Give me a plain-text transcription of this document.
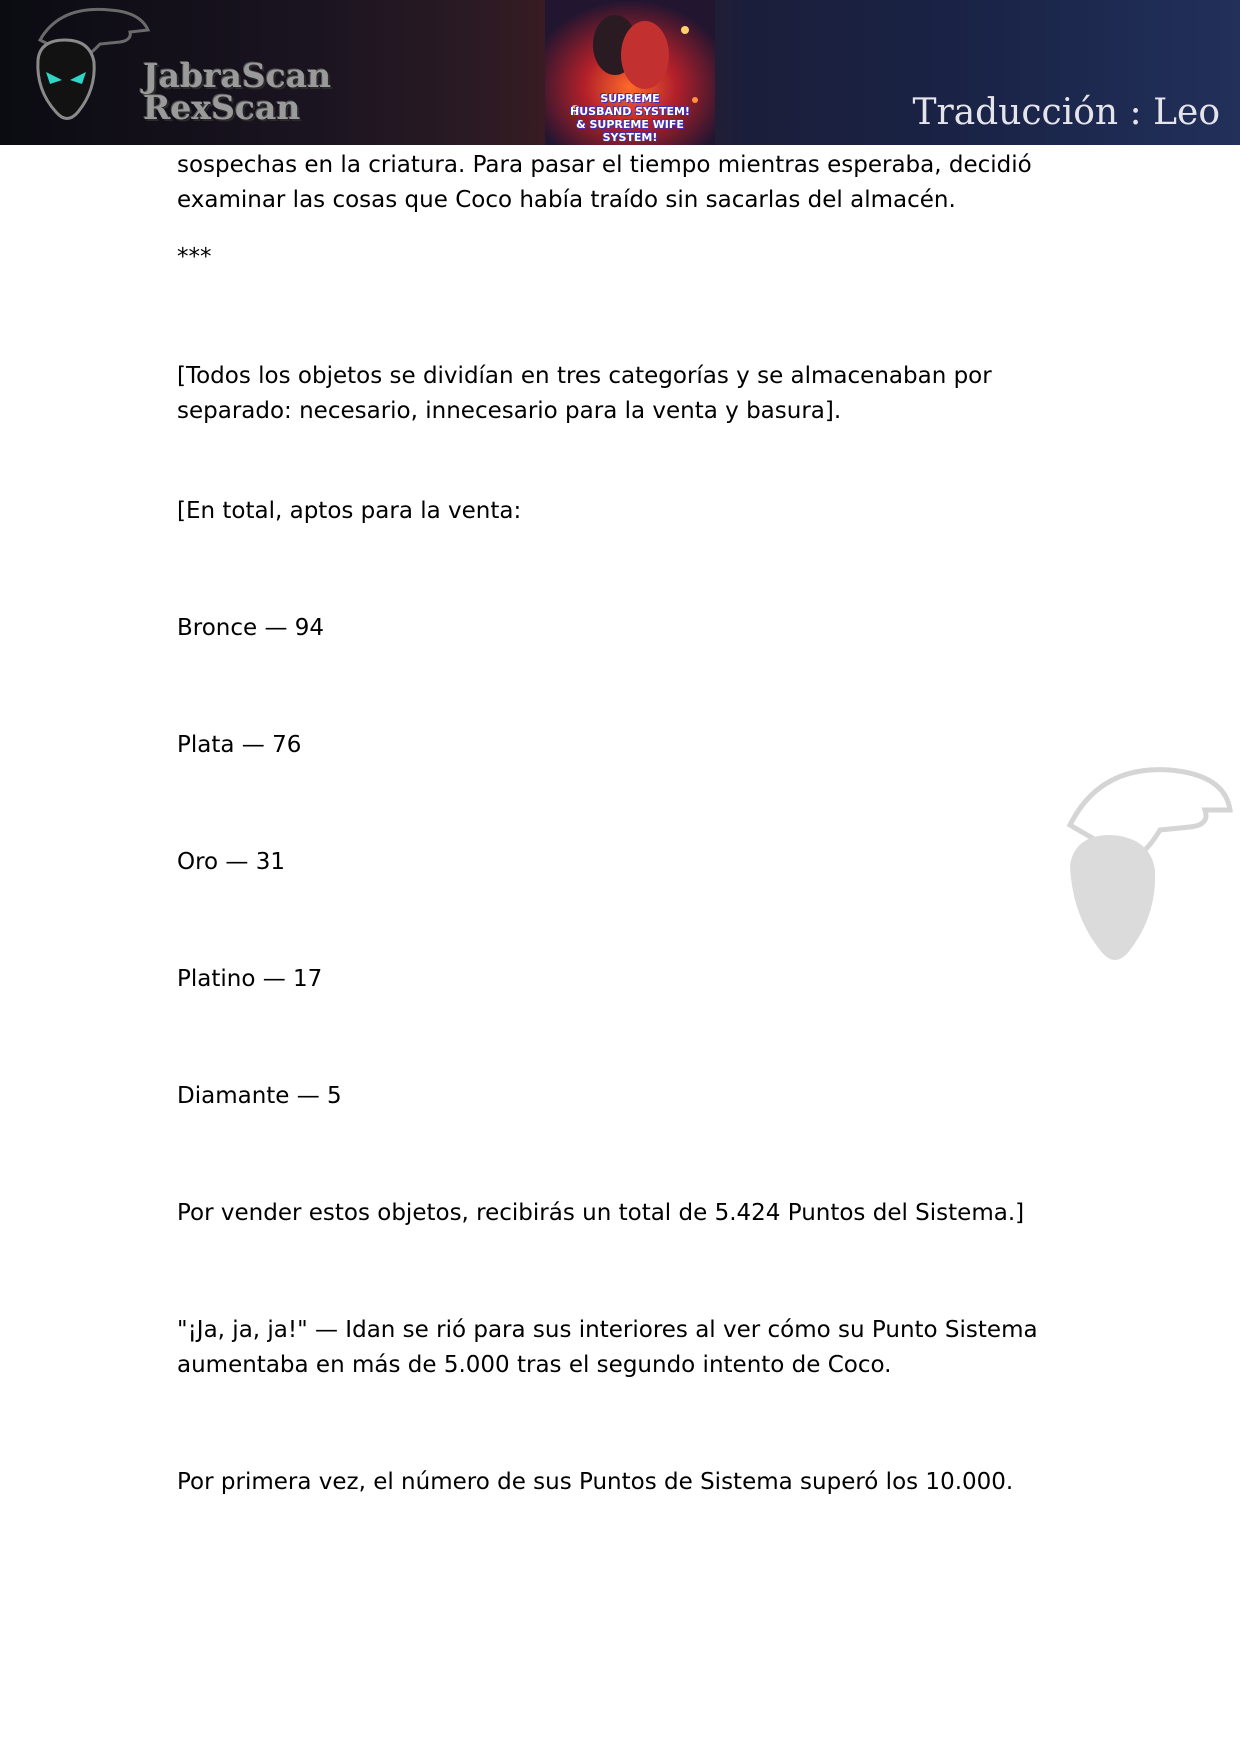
JabraScan
RexScan	SUPREME HUSBAND SYSTEM! & SUPREME WIFE SYSTEM!
Traducción : Leo
sospechas en la criatura. Para pasar el tiempo mientras esperaba, decidió
examinar las cosas que Coco había traído sin sacarlas del almacén.
***
[Todos los objetos se dividían en tres categorías y se almacenaban por
separado: necesario, innecesario para la venta y basura].
[En total, aptos para la venta:
Bronce — 94
Plata — 76
Oro — 31
Platino — 17
Diamante — 5
Por vender estos objetos, recibirás un total de 5.424 Puntos del Sistema.]
"¡Ja, ja, ja!" — Idan se rió para sus interiores al ver cómo su Punto Sistema
aumentaba en más de 5.000 tras el segundo intento de Coco.
Por primera vez, el número de sus Puntos de Sistema superó los 10.000.
